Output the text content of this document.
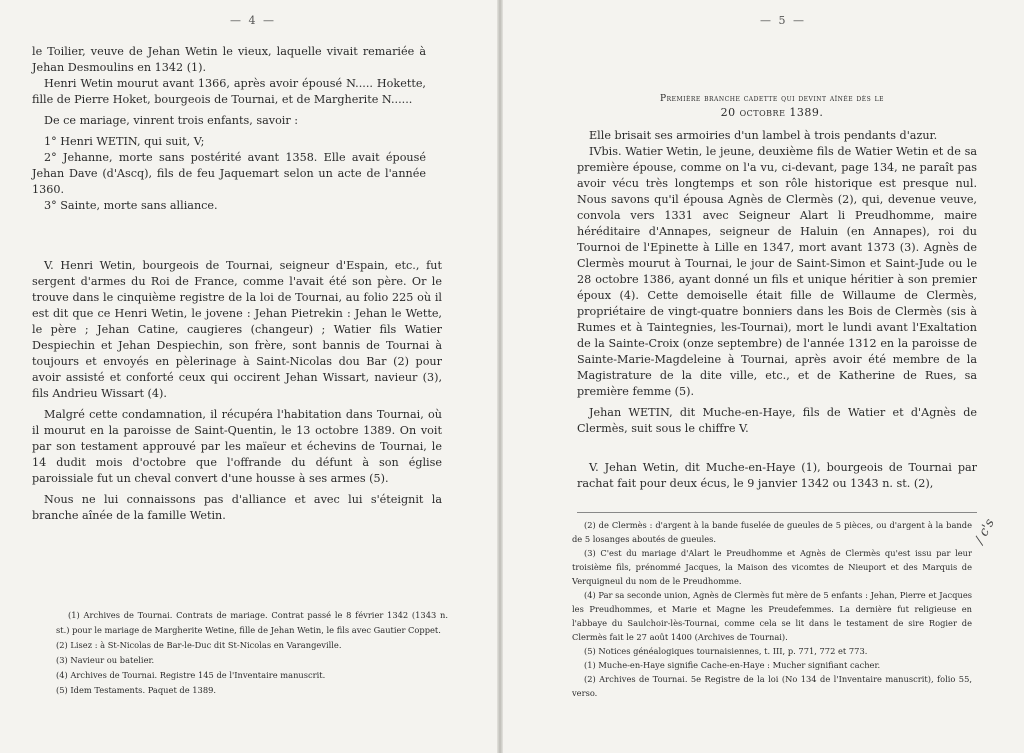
— 4 —

le Toilier, veuve de Jehan Wetin le vieux, laquelle vivait remariée à Jehan Desmoulins en 1342 (1).

Henri Wetin mourut avant 1366, après avoir épousé N..... Hokette, fille de Pierre Hoket, bourgeois de Tournai, et de Margherite N......

De ce mariage, vinrent trois enfants, savoir :

1° Henri WETIN, qui suit, V;

2° Jehanne, morte sans postérité avant 1358. Elle avait épousé Jehan Dave (d'Ascq), fils de feu Jaquemart selon un acte de l'année 1360.

3° Sainte, morte sans alliance.

V. Henri Wetin, bourgeois de Tournai, seigneur d'Espain, etc., fut sergent d'armes du Roi de France, comme l'avait été son père. Or le trouve dans le cinquième registre de la loi de Tournai, au folio 225 où il est dit que ce Henri Wetin, le jovene : Jehan Pietrekin : Jehan le Wette, le père ; Jehan Catine, caugieres (changeur) ; Watier fils Watier Despiechin et Jehan Despiechin, son frère, sont bannis de Tournai à toujours et envoyés en pèlerinage à Saint-Nicolas dou Bar (2) pour avoir assisté et conforté ceux qui occirent Jehan Wissart, navieur (3), fils Andrieu Wissart (4).

Malgré cette condamnation, il récupéra l'habitation dans Tournai, où il mourut en la paroisse de Saint-Quentin, le 13 octobre 1389. On voit par son testament approuvé par les maïeur et échevins de Tournai, le 14 dudit mois d'octobre que l'offrande du défunt à son église paroissiale fut un cheval convert d'une housse à ses armes (5).

Nous ne lui connaissons pas d'alliance et avec lui s'éteignit la branche aînée de la famille Wetin.

(1) Archives de Tournai. Contrats de mariage. Contrat passé le 8 février 1342 (1343 n. st.) pour le mariage de Margherite Wetine, fille de Jehan Wetin, le fils avec Gautier Coppet.

(2) Lisez : à St-Nicolas de Bar-le-Duc dit St-Nicolas en Varangeville.

(3) Navieur ou batelier.

(4) Archives de Tournai. Registre 145 de l'Inventaire manuscrit.

(5) Idem Testaments. Paquet de 1389.

— 5 —
Première branche cadette qui devint aînée dès le
20 octobre 1389.

Elle brisait ses armoiries d'un lambel à trois pendants d'azur.

IVbis. Watier Wetin, le jeune, deuxième fils de Watier Wetin et de sa première épouse, comme on l'a vu, ci-devant, page 134, ne paraît pas avoir vécu très longtemps et son rôle historique est presque nul. Nous savons qu'il épousa Agnès de Clermès (2), qui, devenue veuve, convola vers 1331 avec Seigneur Alart li Preudhomme, maire héréditaire d'Annapes, seigneur de Haluin (en Annapes), roi du Tournoi de l'Epinette à Lille en 1347, mort avant 1373 (3). Agnès de Clermès mourut à Tournai, le jour de Saint-Simon et Saint-Jude ou le 28 octobre 1386, ayant donné un fils et unique héritier à son premier époux (4). Cette demoiselle était fille de Willaume de Clermès, propriétaire de vingt-quatre bonniers dans les Bois de Clermès (sis à Rumes et à Taintegnies, les-Tournai), mort le lundi avant l'Exaltation de la Sainte-Croix (onze septembre) de l'année 1312 en la paroisse de Sainte-Marie-Magdeleine à Tournai, après avoir été membre de la Magistrature de la dite ville, etc., et de Katherine de Rues, sa première femme (5).

Jehan WETIN, dit Muche-en-Haye, fils de Watier et d'Agnès de Clermès, suit sous le chiffre V.

V. Jehan Wetin, dit Muche-en-Haye (1), bourgeois de Tournai par rachat fait pour deux écus, le 9 janvier 1342 ou 1343 n. st. (2),

/ c's

(2) de Clermès : d'argent à la bande fuselée de gueules de 5 pièces, ou d'argent à la bande de 5 losanges aboutés de gueules.

(3) C'est du mariage d'Alart le Preudhomme et Agnès de Clermès qu'est issu par leur troisième fils, prénommé Jacques, la Maison des vicomtes de Nieuport et des Marquis de Verquigneul du nom de le Preudhomme.

(4) Par sa seconde union, Agnès de Clermès fut mère de 5 enfants : Jehan, Pierre et Jacques les Preudhommes, et Marie et Magne les Preudefemmes. La dernière fut religieuse en l'abbaye du Saulchoir-lès-Tournai, comme cela se lit dans le testament de sire Rogier de Clermès fait le 27 août 1400 (Archives de Tournai).

(5) Notices généalogiques tournaisiennes, t. III, p. 771, 772 et 773.

(1) Muche-en-Haye signifie Cache-en-Haye : Mucher signifiant cacher.

(2) Archives de Tournai. 5e Registre de la loi (No 134 de l'Inventaire manuscrit), folio 55, verso.
